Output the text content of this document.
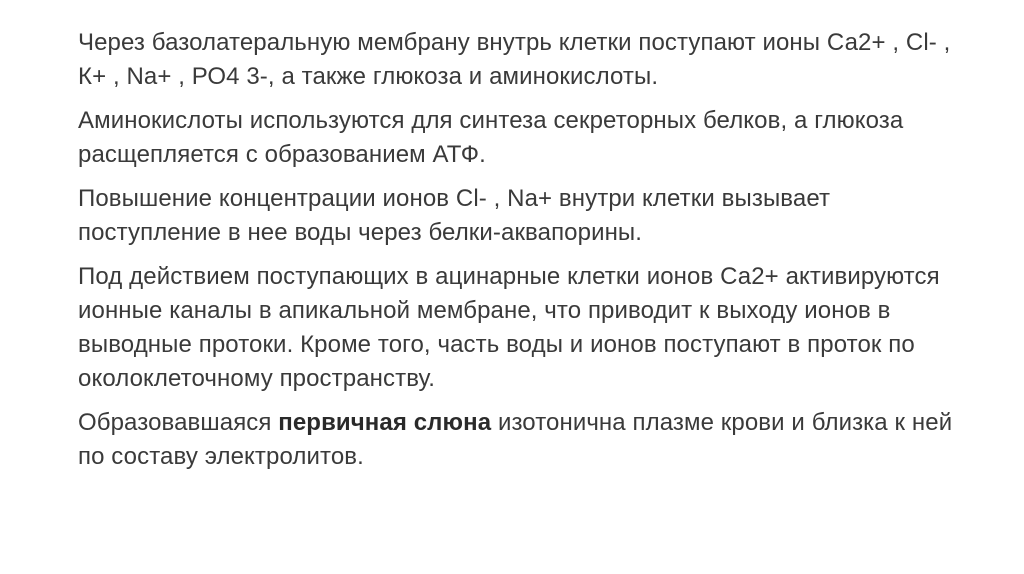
Через базолатеральную мембрану внутрь клетки поступают ионы Са2+ , Cl- , К+ , Na+ , РО4 3-, а также глюкоза и аминокислоты.

Аминокислоты используются для синтеза секреторных белков, а глюкоза расщепляется с образованием АТФ.

Повышение концентрации ионов Cl- , Na+ внутри клетки вызывает поступление в нее воды через белки-аквапорины.

Под действием поступающих в ацинарные клетки ионов Са2+ активируются ионные каналы в апикальной мембране, что приводит к выходу ионов в выводные протоки. Кроме того, часть воды и ионов поступают в проток по околоклеточному пространству.

Образовавшаяся первичная слюна изотонична плазме крови и близка к ней по составу электролитов.
